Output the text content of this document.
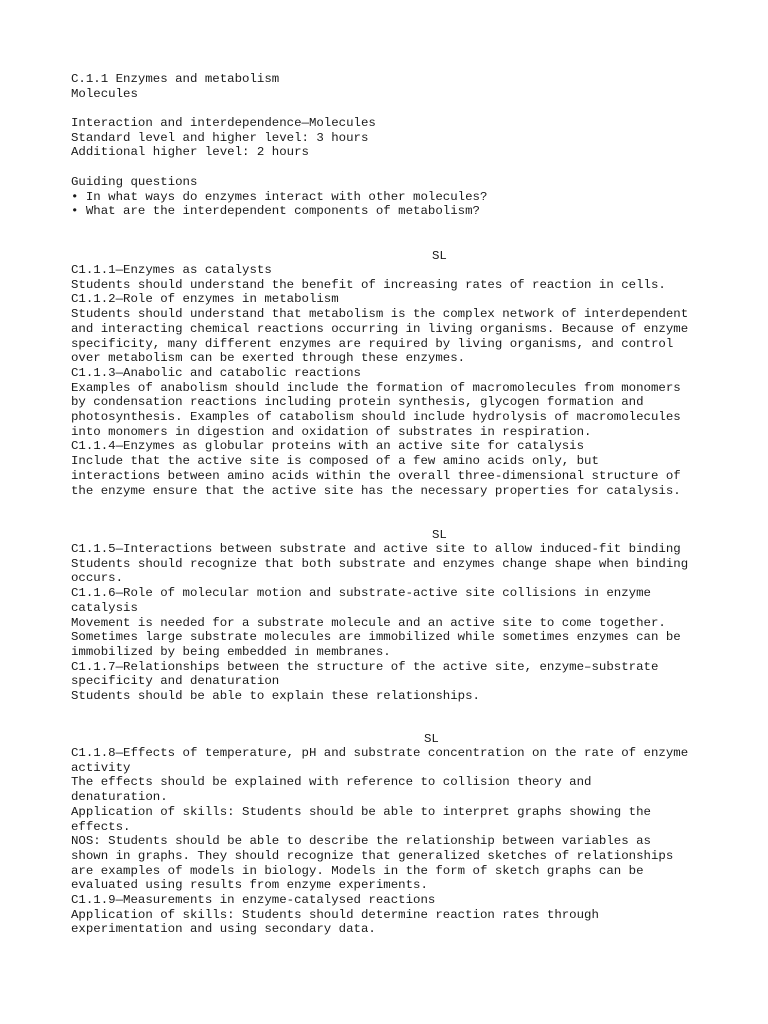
C.1.1 Enzymes and metabolism
Molecules
Interaction and interdependence—Molecules
Standard level and higher level: 3 hours
Additional higher level: 2 hours
Guiding questions
• In what ways do enzymes interact with other molecules?
• What are the interdependent components of metabolism?
SL
C1.1.1—Enzymes as catalysts
Students should understand the benefit of increasing rates of reaction in cells.
C1.1.2—Role of enzymes in metabolism
Students should understand that metabolism is the complex network of interdependent
and interacting chemical reactions occurring in living organisms. Because of enzyme
specificity, many different enzymes are required by living organisms, and control
over metabolism can be exerted through these enzymes.
C1.1.3—Anabolic and catabolic reactions
Examples of anabolism should include the formation of macromolecules from monomers
by condensation reactions including protein synthesis, glycogen formation and
photosynthesis. Examples of catabolism should include hydrolysis of macromolecules
into monomers in digestion and oxidation of substrates in respiration.
C1.1.4—Enzymes as globular proteins with an active site for catalysis
Include that the active site is composed of a few amino acids only, but
interactions between amino acids within the overall three-dimensional structure of
the enzyme ensure that the active site has the necessary properties for catalysis.
SL
C1.1.5—Interactions between substrate and active site to allow induced-fit binding
Students should recognize that both substrate and enzymes change shape when binding
occurs.
C1.1.6—Role of molecular motion and substrate-active site collisions in enzyme
catalysis
Movement is needed for a substrate molecule and an active site to come together.
Sometimes large substrate molecules are immobilized while sometimes enzymes can be
immobilized by being embedded in membranes.
C1.1.7—Relationships between the structure of the active site, enzyme–substrate
specificity and denaturation
Students should be able to explain these relationships.
SL
C1.1.8—Effects of temperature, pH and substrate concentration on the rate of enzyme
activity
The effects should be explained with reference to collision theory and
denaturation.
Application of skills: Students should be able to interpret graphs showing the
effects.
NOS: Students should be able to describe the relationship between variables as
shown in graphs. They should recognize that generalized sketches of relationships
are examples of models in biology. Models in the form of sketch graphs can be
evaluated using results from enzyme experiments.
C1.1.9—Measurements in enzyme-catalysed reactions
Application of skills: Students should determine reaction rates through
experimentation and using secondary data.
